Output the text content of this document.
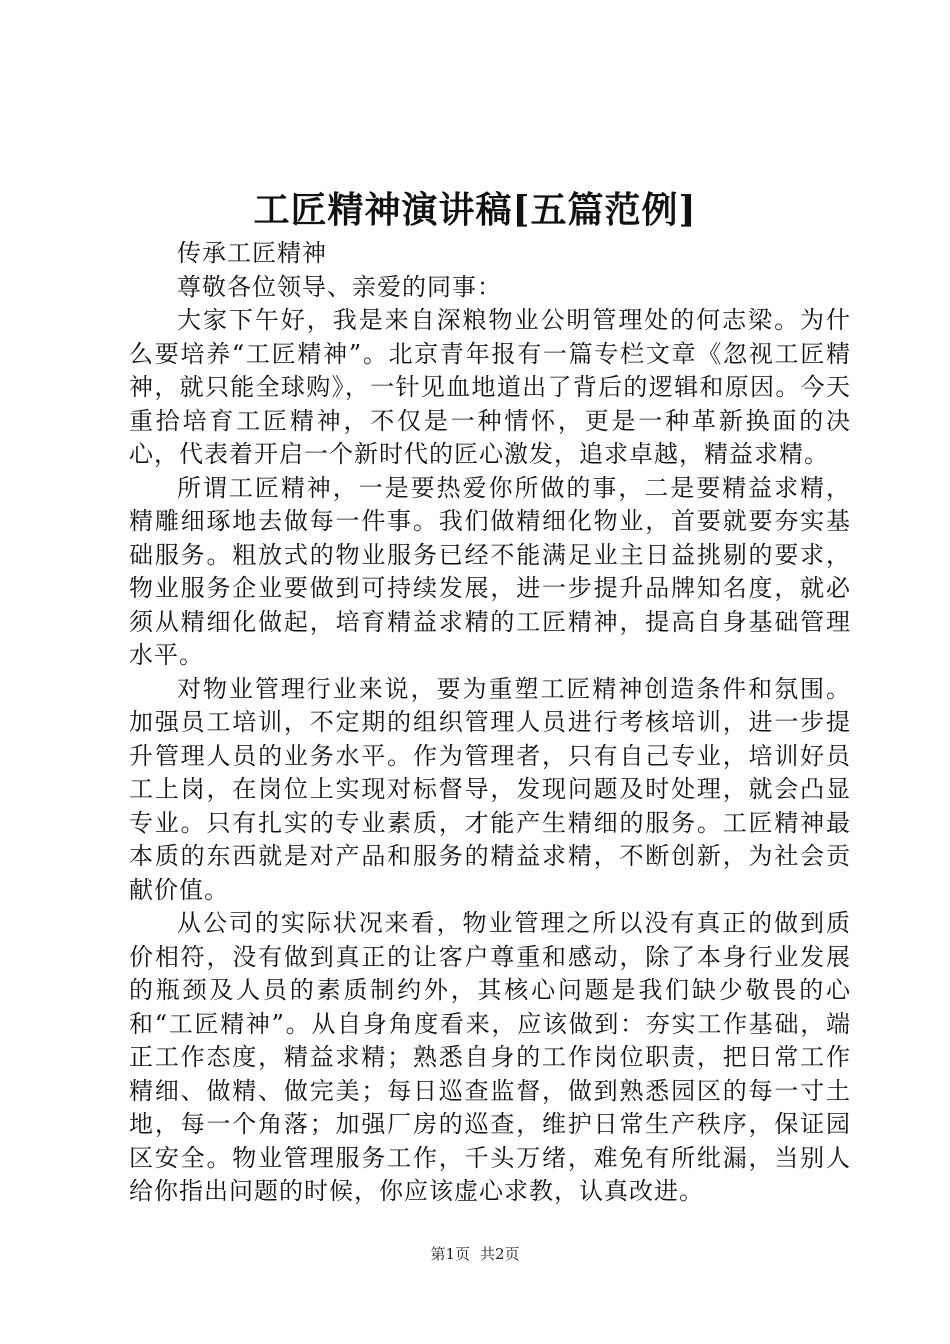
工匠精神演讲稿[五篇范例]

传承工匠精神

尊敬各位领导、亲爱的同事：

大家下午好，我是来自深粮物业公明管理处的何志梁。为什么要培养“工匠精神”。北京青年报有一篇专栏文章《忽视工匠精神，就只能全球购》，一针见血地道出了背后的逻辑和原因。今天重拾培育工匠精神，不仅是一种情怀，更是一种革新换面的决心，代表着开启一个新时代的匠心激发，追求卓越，精益求精。

所谓工匠精神，一是要热爱你所做的事，二是要精益求精，精雕细琢地去做每一件事。我们做精细化物业，首要就要夯实基础服务。粗放式的物业服务已经不能满足业主日益挑剔的要求，物业服务企业要做到可持续发展，进一步提升品牌知名度，就必须从精细化做起，培育精益求精的工匠精神，提高自身基础管理水平。

对物业管理行业来说，要为重塑工匠精神创造条件和氛围。加强员工培训，不定期的组织管理人员进行考核培训，进一步提升管理人员的业务水平。作为管理者，只有自己专业，培训好员工上岗，在岗位上实现对标督导，发现问题及时处理，就会凸显专业。只有扎实的专业素质，才能产生精细的服务。工匠精神最本质的东西就是对产品和服务的精益求精，不断创新，为社会贡献价值。

从公司的实际状况来看，物业管理之所以没有真正的做到质价相符，没有做到真正的让客户尊重和感动，除了本身行业发展的瓶颈及人员的素质制约外，其核心问题是我们缺少敬畏的心和“工匠精神”。从自身角度看来，应该做到：夯实工作基础，端正工作态度，精益求精；熟悉自身的工作岗位职责，把日常工作精细、做精、做完美；每日巡查监督，做到熟悉园区的每一寸土地，每一个角落；加强厂房的巡查，维护日常生产秩序，保证园区安全。物业管理服务工作，千头万绪，难免有所纰漏，当别人给你指出问题的时候，你应该虚心求教，认真改进。

第1页 共2页
